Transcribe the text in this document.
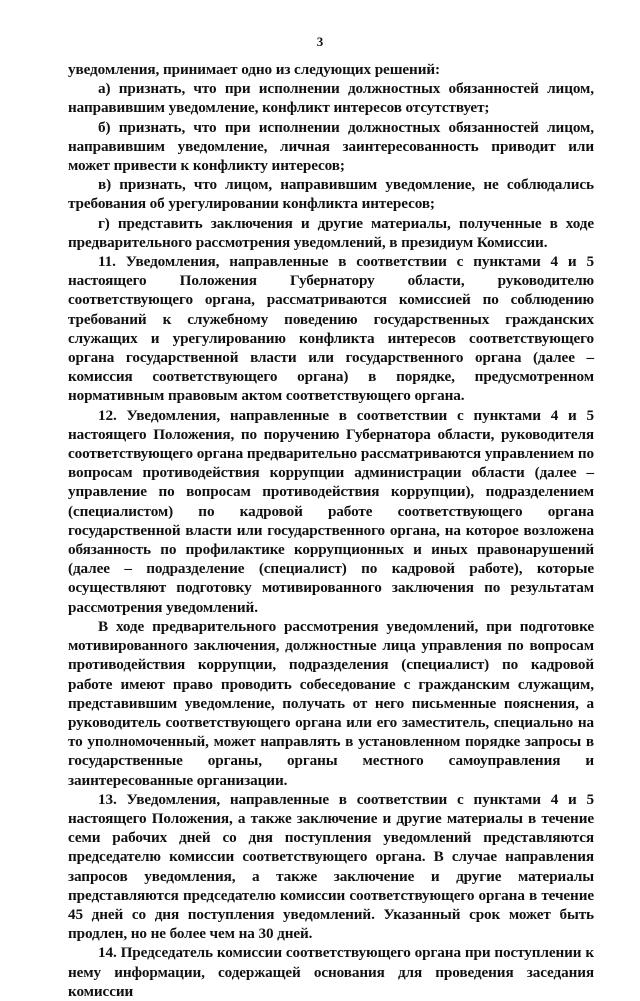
3

уведомления, принимает одно из следующих решений:

а) признать, что при исполнении должностных обязанностей лицом, направившим уведомление, конфликт интересов отсутствует;

б) признать, что при исполнении должностных обязанностей лицом, направившим уведомление, личная заинтересованность приводит или может привести к конфликту интересов;

в) признать, что лицом, направившим уведомление, не соблюдались требования об урегулировании конфликта интересов;

г) представить заключения и другие материалы, полученные в ходе предварительного рассмотрения уведомлений, в президиум Комиссии.

11. Уведомления, направленные в соответствии с пунктами 4 и 5 настоящего Положения Губернатору области, руководителю соответствующего органа, рассматриваются комиссией по соблюдению требований к служебному поведению государственных гражданских служащих и урегулированию конфликта интересов соответствующего органа государственной власти или государственного органа (далее – комиссия соответствующего органа) в порядке, предусмотренном нормативным правовым актом соответствующего органа.

12. Уведомления, направленные в соответствии с пунктами 4 и 5 настоящего Положения, по поручению Губернатора области, руководителя соответствующего органа предварительно рассматриваются управлением по вопросам противодействия коррупции администрации области (далее – управление по вопросам противодействия коррупции), подразделением (специалистом) по кадровой работе соответствующего органа государственной власти или государственного органа, на которое возложена обязанность по профилактике коррупционных и иных правонарушений (далее – подразделение (специалист) по кадровой работе), которые осуществляют подготовку мотивированного заключения по результатам рассмотрения уведомлений.

В ходе предварительного рассмотрения уведомлений, при подготовке мотивированного заключения, должностные лица управления по вопросам противодействия коррупции, подразделения (специалист) по кадровой работе имеют право проводить собеседование с гражданским служащим, представившим уведомление, получать от него письменные пояснения, а руководитель соответствующего органа или его заместитель, специально на то уполномоченный, может направлять в установленном порядке запросы в государственные органы, органы местного самоуправления и заинтересованные организации.

13. Уведомления, направленные в соответствии с пунктами 4 и 5 настоящего Положения, а также заключение и другие материалы в течение семи рабочих дней со дня поступления уведомлений представляются председателю комиссии соответствующего органа. В случае направления запросов уведомления, а также заключение и другие материалы представляются председателю комиссии соответствующего органа в течение 45 дней со дня поступления уведомлений. Указанный срок может быть продлен, но не более чем на 30 дней.

14. Председатель комиссии соответствующего органа при поступлении к нему информации, содержащей основания для проведения заседания комиссии
